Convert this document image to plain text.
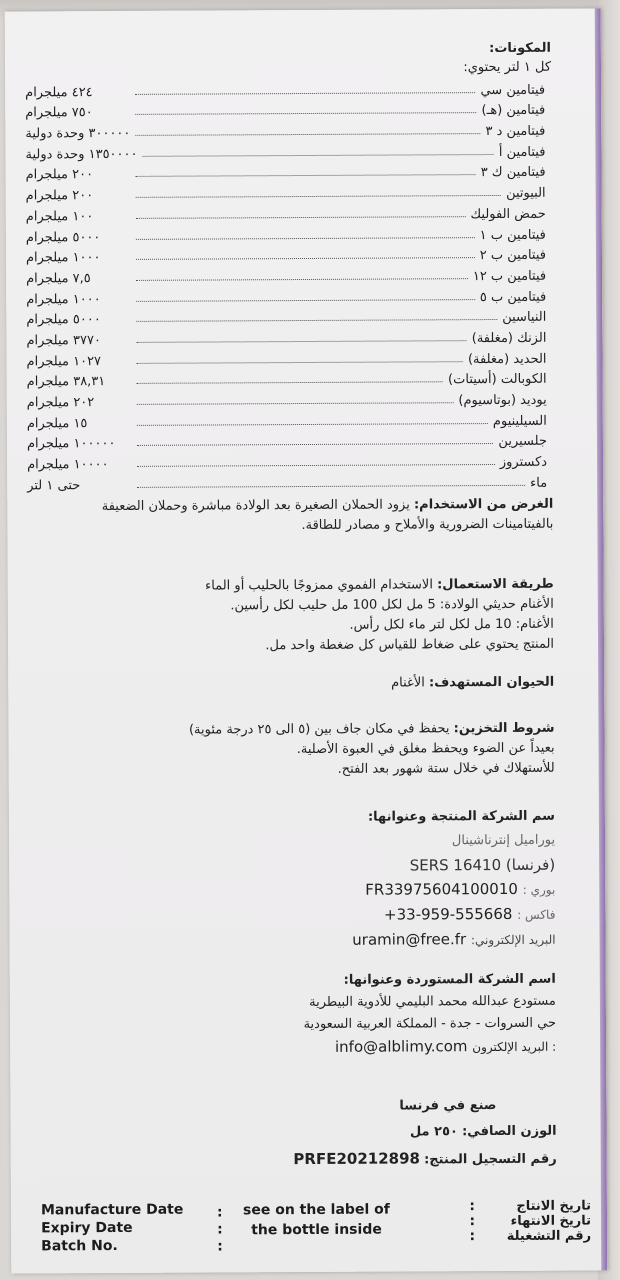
المكونات:
كل ١ لتر يحتوي:
فيتامين سي
٤٢٤ ميلجرام
فيتامين (هـ)
٧٥٠ ميلجرام
فيتامين د ٣
٣٠٠٠٠٠ وحدة دولية
فيتامين أ
١٣٥٠٠٠٠ وحدة دولية
فيتامين ك ٣
٢٠٠ ميلجرام
البيوتين
٢٠٠ ميلجرام
حمض الفوليك
١٠٠ ميلجرام
فيتامين ب ١
٥٠٠٠ ميلجرام
فيتامين ب ٢
١٠٠٠ ميلجرام
فيتامين ب ١٢
٧,٥ ميلجرام
فيتامين ب ٥
١٠٠٠ ميلجرام
النياسين
٥٠٠٠ ميلجرام
الزنك (مغلفة)
٣٧٧٠ ميلجرام
الحديد (مغلفة)
١٠٢٧ ميلجرام
الكوبالت (أسيتات)
٣٨,٣١ ميلجرام
يوديد (بوتاسيوم)
٢٠٢ ميلجرام
السيلينيوم
١٥ ميلجرام
جلسيرين
١٠٠٠٠٠ ميلجرام
دكستروز
١٠٠٠٠ ميلجرام
ماء
حتى ١ لتر
الغرض من الاستخدام: يزود الحملان الصغيرة بعد الولادة مباشرة وحملان الضعيفة
بالفيتامينات الضرورية والأملاح و مصادر للطاقة.
طريقة الاستعمال: الاستخدام الفموي ممزوجًا بالحليب أو الماء
الأغنام حديثي الولادة: 5 مل لكل 100 مل حليب لكل رأسين.
الأغنام: 10 مل لكل لتر ماء لكل رأس.
المنتج يحتوي على ضغاط للقياس كل ضغطة واحد مل.
الحيوان المستهدف: الأغنام
شروط التخزين: يحفظ في مكان جاف بين (٥ الى ٢٥ درجة مئوية)
بعيداً عن الضوء ويحفظ مغلق في العبوة الأصلية.
للأستهلاك في خلال ستة شهور بعد الفتح.
سم الشركة المنتجة وعنوانها:
يوراميل إنترناشينال
SERS 16410 (فرنسا)
بوري : FR33975604100010
فاكس : +33-959-555668
البريد الإلكتروني: uramin@free.fr
اسم الشركة المستوردة وعنوانها:
مستودع عبدالله محمد البليمي للأدوية البيطرية
حي السروات - جدة - المملكة العربية السعودية
: البريد الإلكترون info@alblimy.com
صنع في فرنسا
الوزن الصافي: ٢٥٠ مل
رقم التسجيل المنتج: PRFE20212898
Manufacture Date
Expiry Date
Batch No.
:
:
:
see on the label of
the bottle inside
:
:
:
تاريخ الانتاج
تاريخ الانتهاء
رقم التشغيلة
